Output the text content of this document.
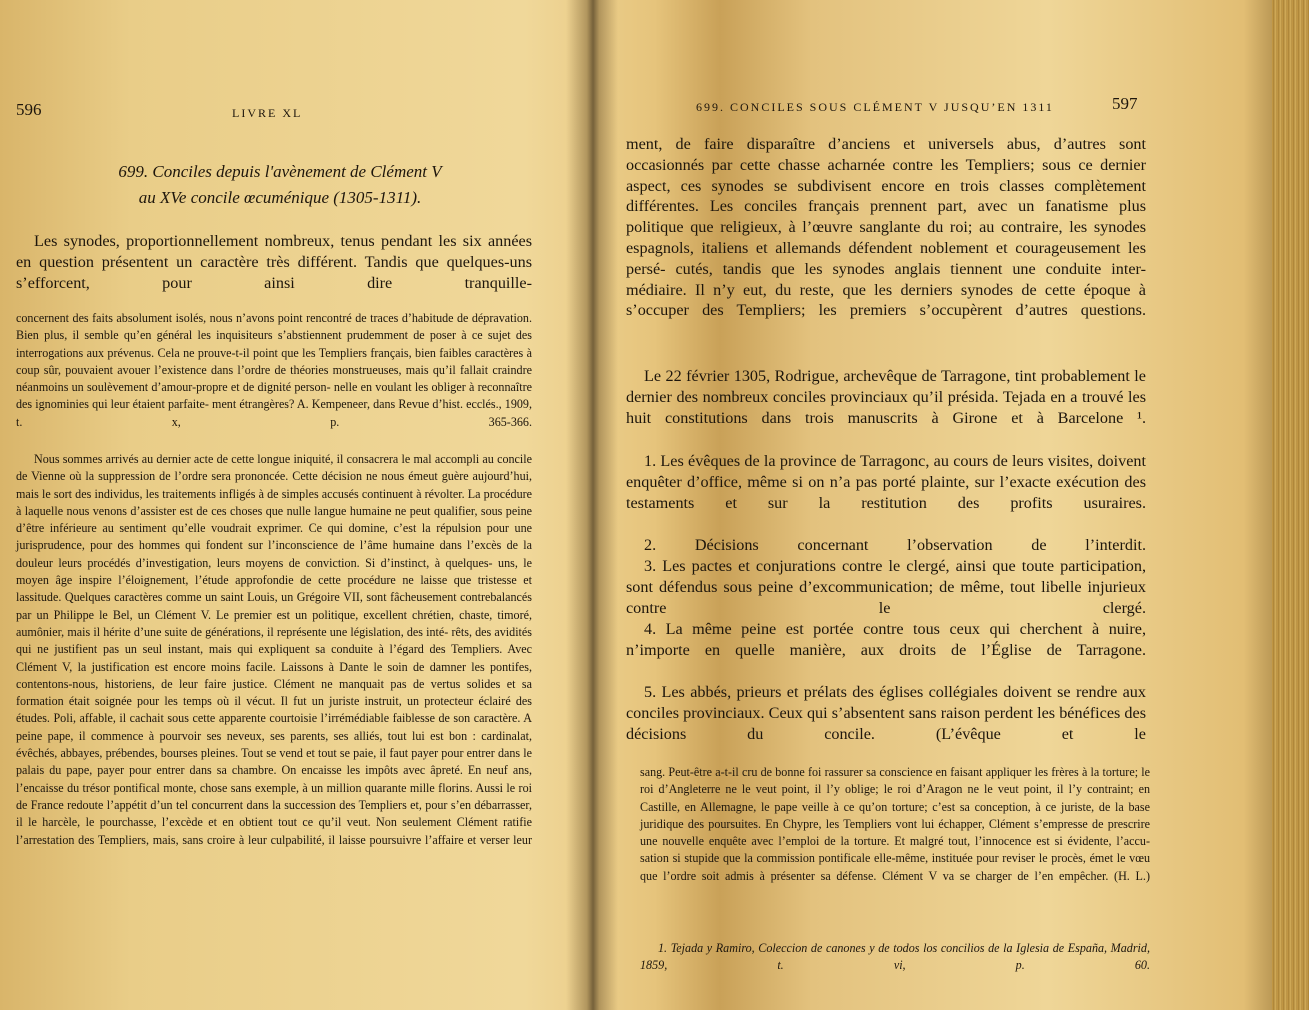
596	LIVRE XL
699. Conciles depuis l'avènement de Clément V
au XVe concile œcuménique (1305-1311).
Les synodes, proportionnellement nombreux, tenus pendant les six années en question présentent un caractère très différent. Tandis que quelques-uns s’efforcent, pour ainsi dire tranquille-
concernent des faits absolument isolés, nous n’avons point rencontré de traces d’habitude de dépravation. Bien plus, il semble qu’en général les inquisiteurs s’abstiennent prudemment de poser à ce sujet des interrogations aux prévenus. Cela ne prouve-t-il point que les Templiers français, bien faibles caractères à coup sûr, pouvaient avouer l’existence dans l’ordre de théories monstrueuses, mais qu’il fallait craindre néanmoins un soulèvement d’amour-propre et de dignité person- nelle en voulant les obliger à reconnaître des ignominies qui leur étaient parfaite- ment étrangères? A. Kempeneer, dans Revue d’hist. ecclés., 1909, t. x, p. 365-366.
Nous sommes arrivés au dernier acte de cette longue iniquité, il consacrera le mal accompli au concile de Vienne où la suppression de l’ordre sera prononcée. Cette décision ne nous émeut guère aujourd’hui, mais le sort des individus, les traitements infligés à de simples accusés continuent à révolter. La procédure à laquelle nous venons d’assister est de ces choses que nulle langue humaine ne peut qualifier, sous peine d’être inférieure au sentiment qu’elle voudrait exprimer. Ce qui domine, c’est la répulsion pour une jurisprudence, pour des hommes qui fondent sur l’inconscience de l’âme humaine dans l’excès de la douleur leurs procédés d’investigation, leurs moyens de conviction. Si d’instinct, à quelques- uns, le moyen âge inspire l’éloignement, l’étude approfondie de cette procédure ne laisse que tristesse et lassitude. Quelques caractères comme un saint Louis, un Grégoire VII, sont fâcheusement contrebalancés par un Philippe le Bel, un Clément V. Le premier est un politique, excellent chrétien, chaste, timoré, aumônier, mais il hérite d’une suite de générations, il représente une législation, des inté- rêts, des avidités qui ne justifient pas un seul instant, mais qui expliquent sa conduite à l’égard des Templiers. Avec Clément V, la justification est encore moins facile. Laissons à Dante le soin de damner les pontifes, contentons-nous, historiens, de leur faire justice. Clément ne manquait pas de vertus solides et sa formation était soignée pour les temps où il vécut. Il fut un juriste instruit, un protecteur éclairé des études. Poli, affable, il cachait sous cette apparente courtoisie l’irrémédiable faiblesse de son caractère. A peine pape, il commence à pourvoir ses neveux, ses parents, ses alliés, tout lui est bon : cardinalat, évêchés, abbayes, prébendes, bourses pleines. Tout se vend et tout se paie, il faut payer pour entrer dans le palais du pape, payer pour entrer dans sa chambre. On encaisse les impôts avec âpreté. En neuf ans, l’encaisse du trésor pontifical monte, chose sans exemple, à un million quarante mille florins. Aussi le roi de France redoute l’appétit d’un tel concurrent dans la succession des Templiers et, pour s’en débarrasser, il le harcèle, le pourchasse, l’excède et en obtient tout ce qu’il veut. Non seulement Clément ratifie l’arrestation des Templiers, mais, sans croire à leur culpabilité, il laisse poursuivre l’affaire et verser leur
699. CONCILES SOUS CLÉMENT V JUSQU’EN 1311	597
ment, de faire disparaître d’anciens et universels abus, d’autres sont occasionnés par cette chasse acharnée contre les Templiers; sous ce dernier aspect, ces synodes se subdivisent encore en trois classes complètement différentes. Les conciles français prennent part, avec un fanatisme plus politique que religieux, à l’œuvre sanglante du roi; au contraire, les synodes espagnols, italiens et allemands défendent noblement et courageusement les persé- cutés, tandis que les synodes anglais tiennent une conduite inter- médiaire. Il n’y eut, du reste, que les derniers synodes de cette époque à s’occuper des Templiers; les premiers s’occupèrent d’autres questions.
Le 22 février 1305, Rodrigue, archevêque de Tarragone, tint probablement le dernier des nombreux conciles provinciaux qu’il présida. Tejada en a trouvé les huit constitutions dans trois manuscrits à Girone et à Barcelone ¹.
1. Les évêques de la province de Tarragonc, au cours de leurs visites, doivent enquêter d’office, même si on n’a pas porté plainte, sur l’exacte exécution des testaments et sur la restitution des profits usuraires.
2. Décisions concernant l’observation de l’interdit.
3. Les pactes et conjurations contre le clergé, ainsi que toute participation, sont défendus sous peine d’excommunication; de même, tout libelle injurieux contre le clergé.
4. La même peine est portée contre tous ceux qui cherchent à nuire, n’importe en quelle manière, aux droits de l’Église de Tarragone.
5. Les abbés, prieurs et prélats des églises collégiales doivent se rendre aux conciles provinciaux. Ceux qui s’absentent sans raison perdent les bénéfices des décisions du concile. (L’évêque et le
sang. Peut-être a-t-il cru de bonne foi rassurer sa conscience en faisant appliquer les frères à la torture; le roi d’Angleterre ne le veut point, il l’y oblige; le roi d’Aragon ne le veut point, il l’y contraint; en Castille, en Allemagne, le pape veille à ce qu’on torture; c’est sa conception, à ce juriste, de la base juridique des poursuites. En Chypre, les Templiers vont lui échapper, Clément s’empresse de prescrire une nouvelle enquête avec l’emploi de la torture. Et malgré tout, l’innocence est si évidente, l’accu- sation si stupide que la commission pontificale elle-même, instituée pour reviser le procès, émet le vœu que l’ordre soit admis à présenter sa défense. Clément V va se charger de l’en empêcher. (H. L.)
1. Tejada y Ramiro, Coleccion de canones y de todos los concilios de la Iglesia de España, Madrid, 1859, t. vi, p. 60.
